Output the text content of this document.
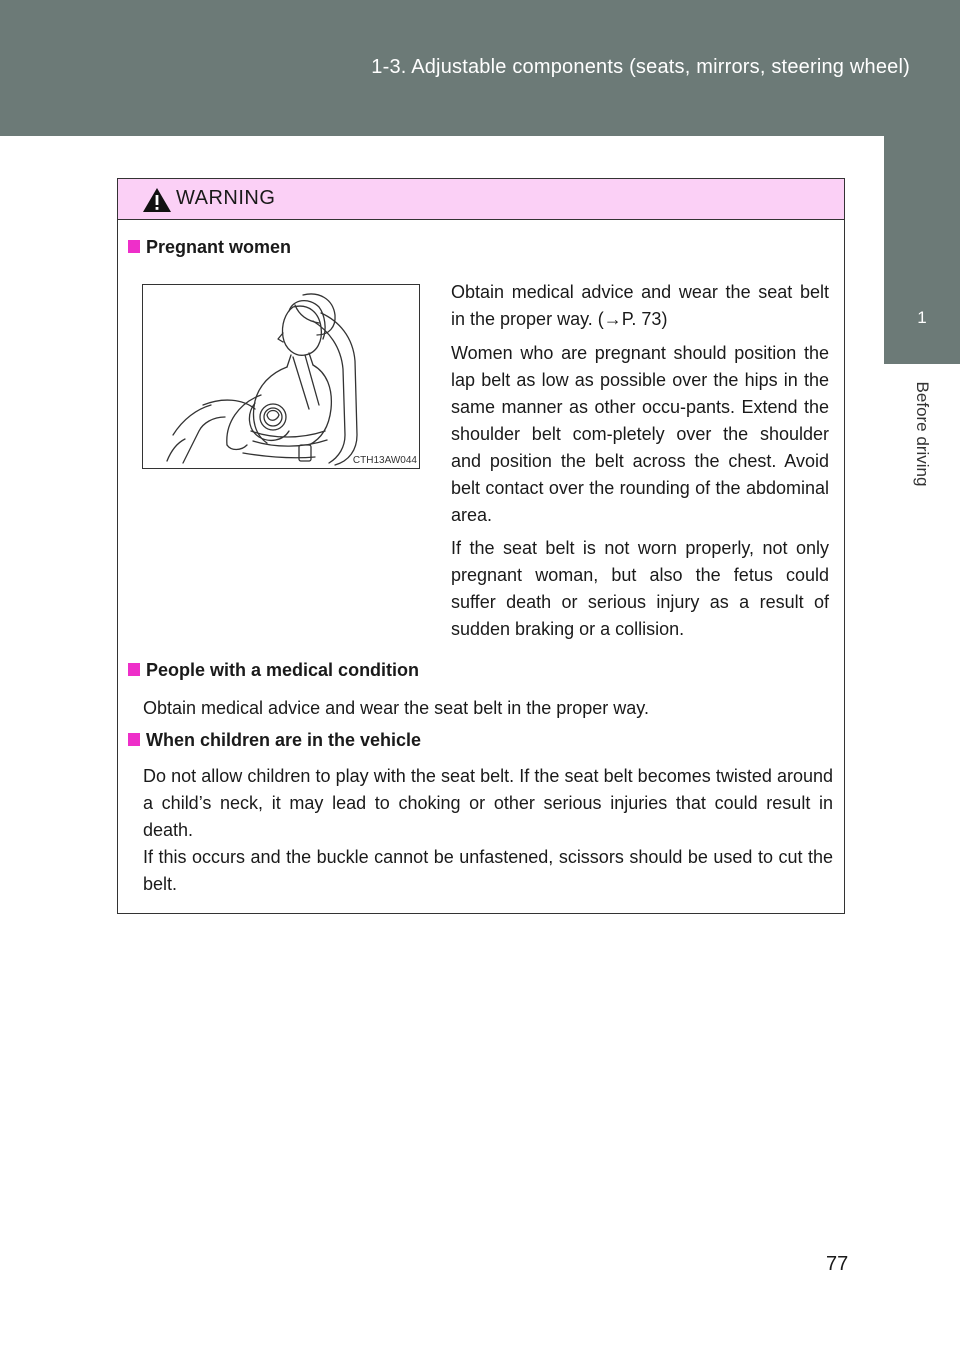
1-3. Adjustable components (seats, mirrors, steering wheel)
1
Before driving
WARNING
Pregnant women
CTH13AW044

Obtain medical advice and wear the seat belt in the proper way. (→P. 73)

Women who are pregnant should position the lap belt as low as possible over the hips in the same manner as other occu-pants. Extend the shoulder belt com-pletely over the shoulder and position the belt across the chest. Avoid belt contact over the rounding of the abdominal area.

If the seat belt is not worn properly, not only pregnant woman, but also the fetus could suffer death or serious injury as a result of sudden braking or a collision.

People with a medical condition

Obtain medical advice and wear the seat belt in the proper way.

When children are in the vehicle

Do not allow children to play with the seat belt. If the seat belt becomes twisted around a child’s neck, it may lead to choking or other serious injuries that could result in death.

If this occurs and the buckle cannot be unfastened, scissors should be used to cut the belt.

77
